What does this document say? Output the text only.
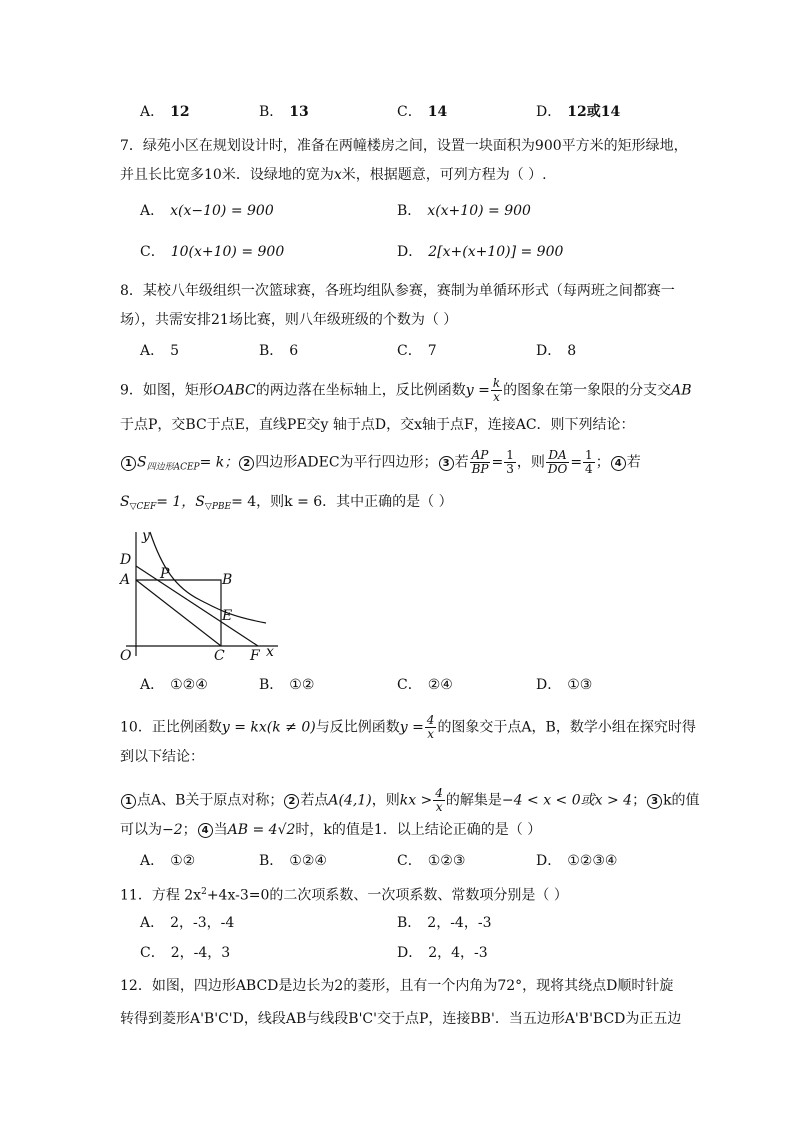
A． 12	B． 13	C． 14	D． 12或14
7．绿苑小区在规划设计时，准备在两幢楼房之间，设置一块面积为900平方米的矩形绿地，
并且长比宽多10米．设绿地的宽为x米，根据题意，可列方程为（ ）.
A． x(x−10) = 900	B． x(x+10) = 900
C． 10(x+10) = 900	D． 2[x+(x+10)] = 900
8．某校八年级组织一次篮球赛，各班均组队参赛，赛制为单循环形式（每两班之间都赛一
场），共需安排21场比赛，则八年级班级的个数为（ ）
A． 5	B． 6	C． 7	D． 8
9．如图，矩形OABC的两边落在坐标轴上，反比例函数$y = \frac{k}{x}$ 的图象在第一象限的分支交AB
于点P，交BC于点E，直线PE交y 轴于点D，交x轴于点F，连接AC．则下列结论：
1 $S_{四边形ACEP}= k$； 2 四边形ADEC为平行四边形； 3 若 $\frac{AP}{BP} = \frac{1}{3}$ ，则 $\frac{DA}{DO} = \frac{1}{4}$ ； 4 若
$S_{▽CEF}= 1$，$S_{▽PBE}= 4$，则k = 6．其中正确的是（ ）
y
D
A P	B
E
O	C F x
A． ①②④	B． ①②	C． ②④	D． ①③
10．正比例函数y = kx(k ≠ 0)与反比例函数$y = \frac{4}{x}$ 的图象交于点A，B，数学小组在探究时得
到以下结论：
1 点A、B关于原点对称； 2 若点A(4,1)，则kx > $\frac{4}{x}$ 的解集是−4 < x < 0或x > 4； 3 k的值
可以为−2； 4 当AB = 4√2时，k的值是1．以上结论正确的是（ ）
A． ①②	B． ①②④	C． ①②③	D． ①②③④
11．方程 $2x^2+4x-3=0$的二次项系数、一次项系数、常数项分别是（ ）
A． 2，-3，-4	B． 2，-4，-3
C． 2，-4，3	D． 2，4，-3
12．如图，四边形ABCD是边长为2的菱形，且有一个内角为72°，现将其绕点D顺时针旋
转得到菱形A'B'C'D，线段AB与线段B'C'交于点P，连接BB'．当五边形A'B'BCD为正五边
